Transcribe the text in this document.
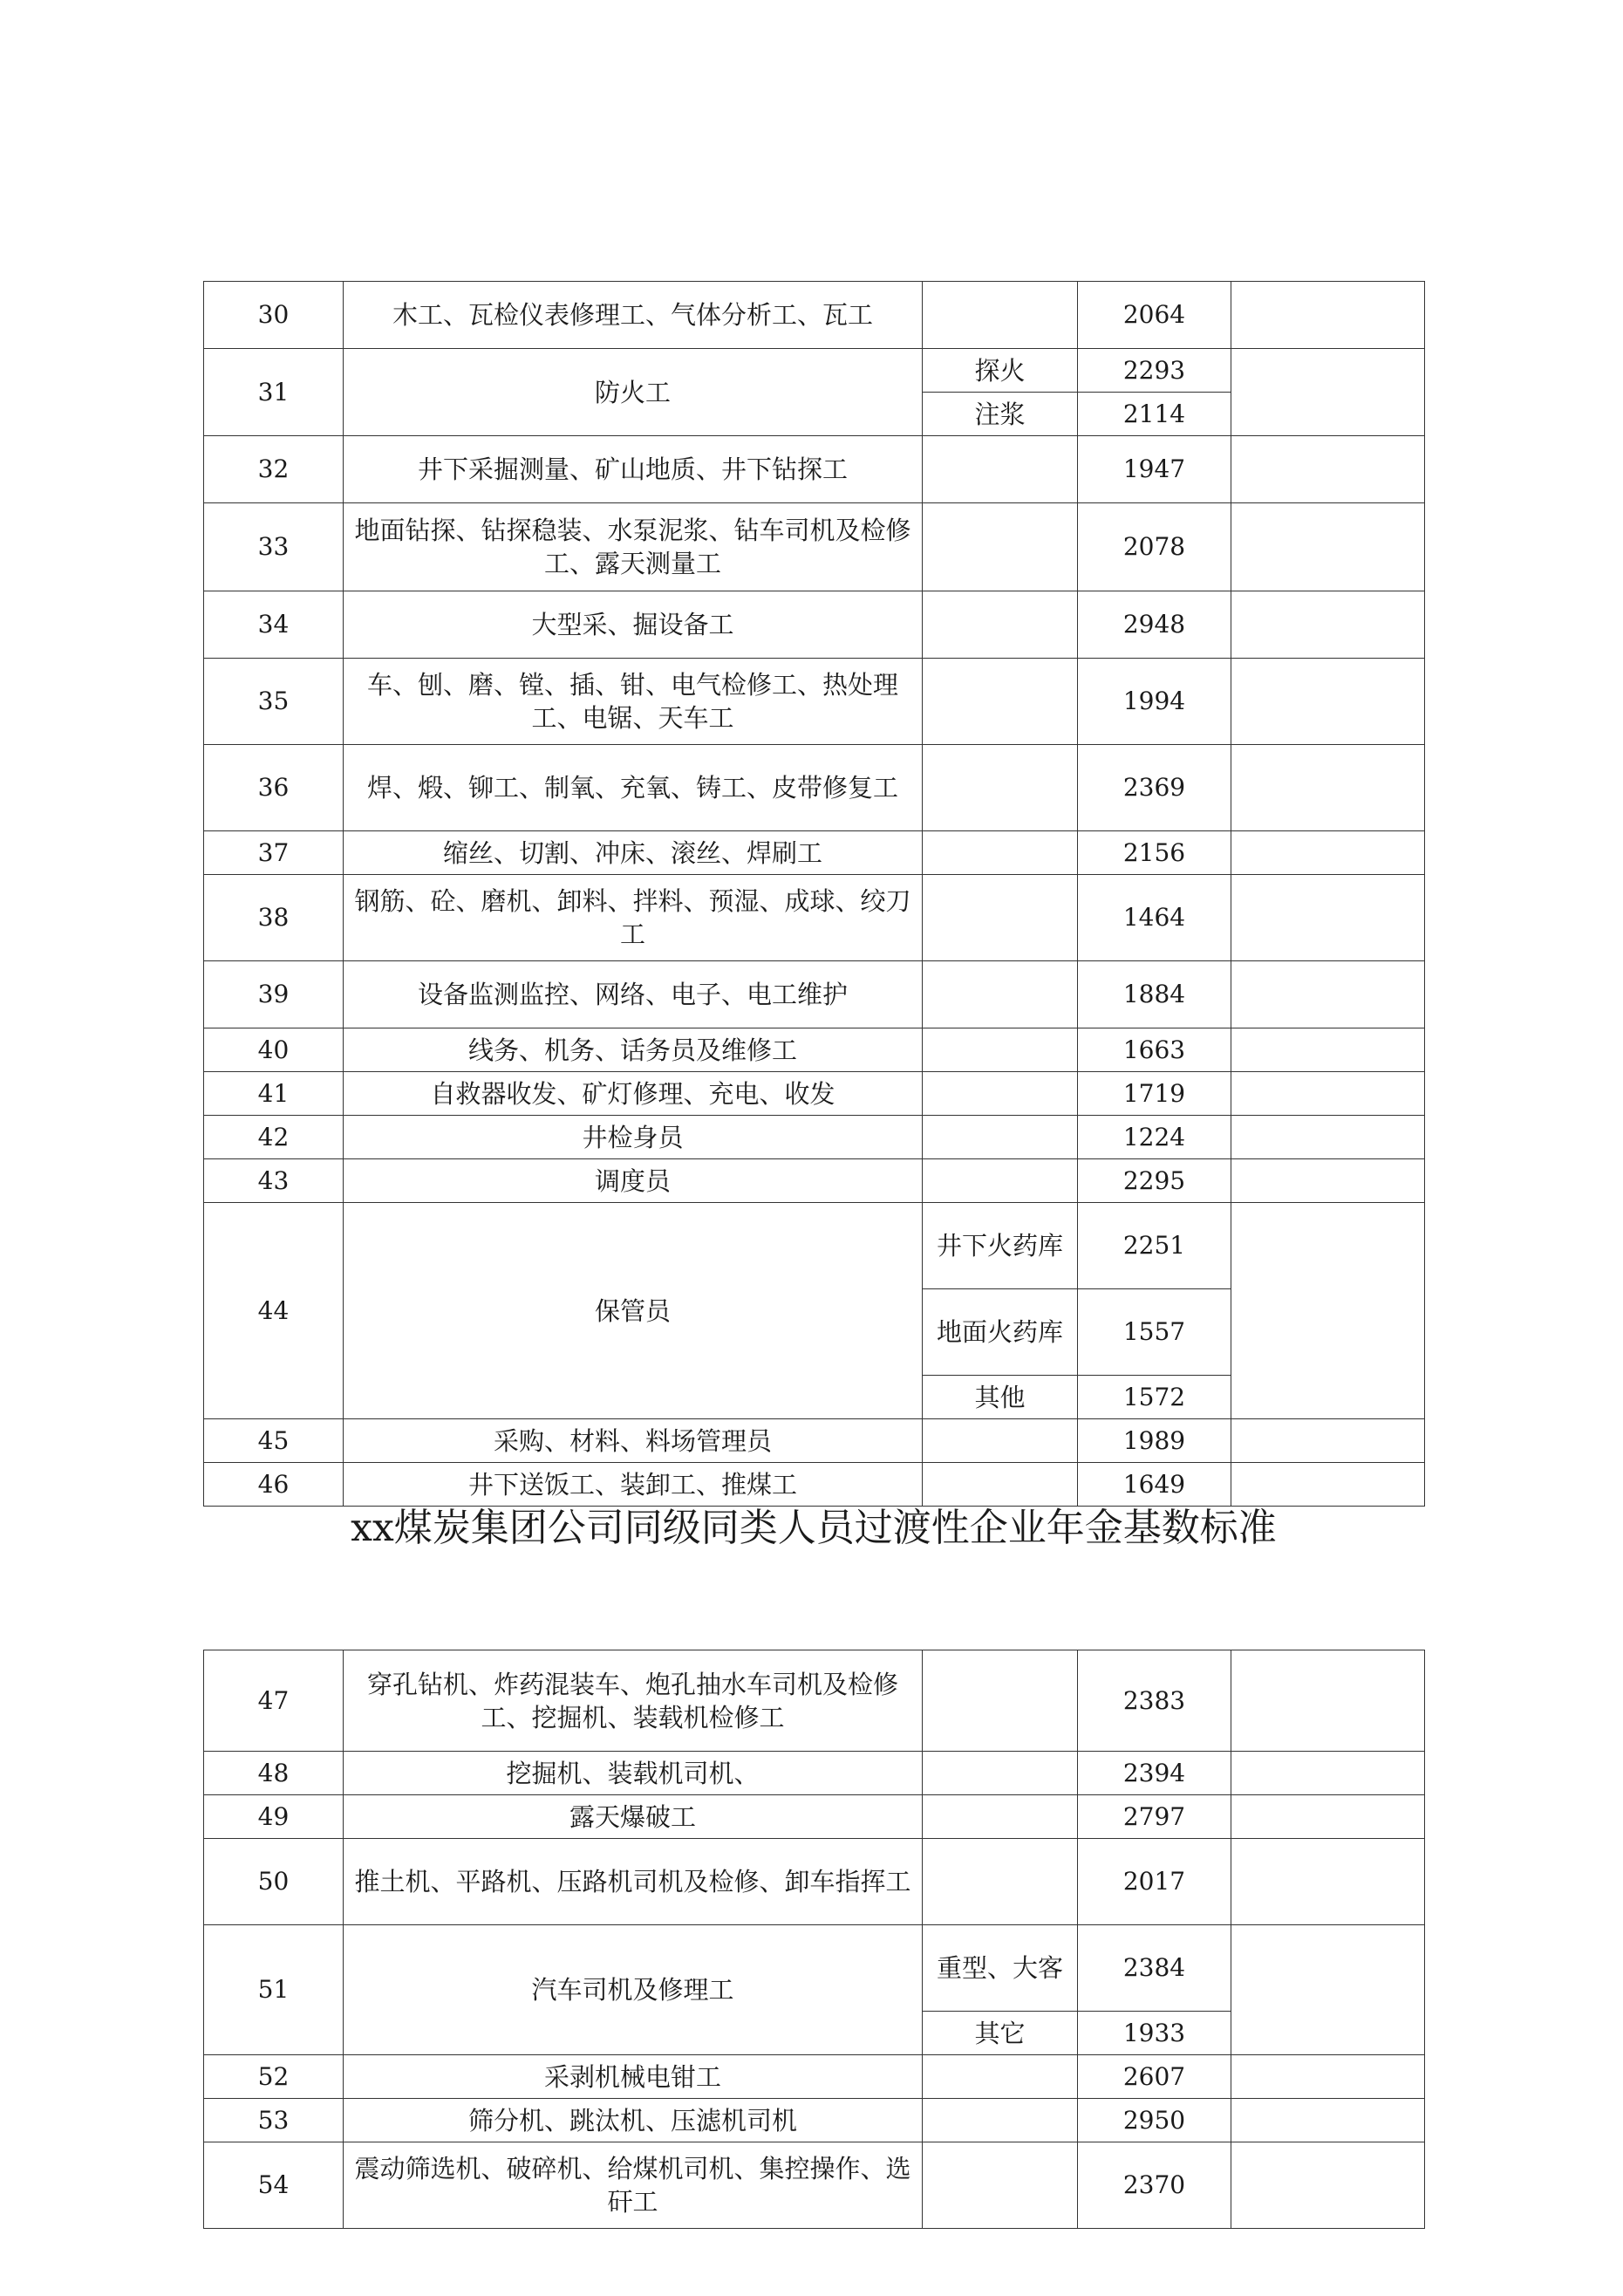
30	木工、瓦检仪表修理工、气体分析工、瓦工		2064	
31	防火工	探火	2293	
		注浆	2114	
32	井下采掘测量、矿山地质、井下钻探工		1947	
33	地面钻探、钻探稳装、水泵泥浆、钻车司机及检修工、露天测量工		2078	
34	大型采、掘设备工		2948	
35	车、刨、磨、镗、插、钳、电气检修工、热处理工、电锯、天车工		1994	
36	焊、煅、铆工、制氧、充氧、铸工、皮带修复工		2369	
37	缩丝、切割、冲床、滚丝、焊刷工		2156	
38	钢筋、砼、磨机、卸料、拌料、预湿、成球、绞刀工		1464	
39	设备监测监控、网络、电子、电工维护		1884	
40	线务、机务、话务员及维修工		1663	
41	自救器收发、矿灯修理、充电、收发		1719	
42	井检身员		1224	
43	调度员		2295	
44	保管员	井下火药库	2251	
		地面火药库	1557	
		其他	1572	
45	采购、材料、料场管理员		1989	
46	井下送饭工、装卸工、推煤工		1649	
xx煤炭集团公司同级同类人员过渡性企业年金基数标准
47	穿孔钻机、炸药混装车、炮孔抽水车司机及检修工、挖掘机、装载机检修工		2383	
48	挖掘机、装载机司机、		2394	
49	露天爆破工		2797	
50	推土机、平路机、压路机司机及检修、卸车指挥工		2017	
51	汽车司机及修理工	重型、大客	2384	
		其它	1933	
52	采剥机械电钳工		2607	
53	筛分机、跳汰机、压滤机司机		2950	
54	震动筛选机、破碎机、给煤机司机、集控操作、选矸工		2370	
